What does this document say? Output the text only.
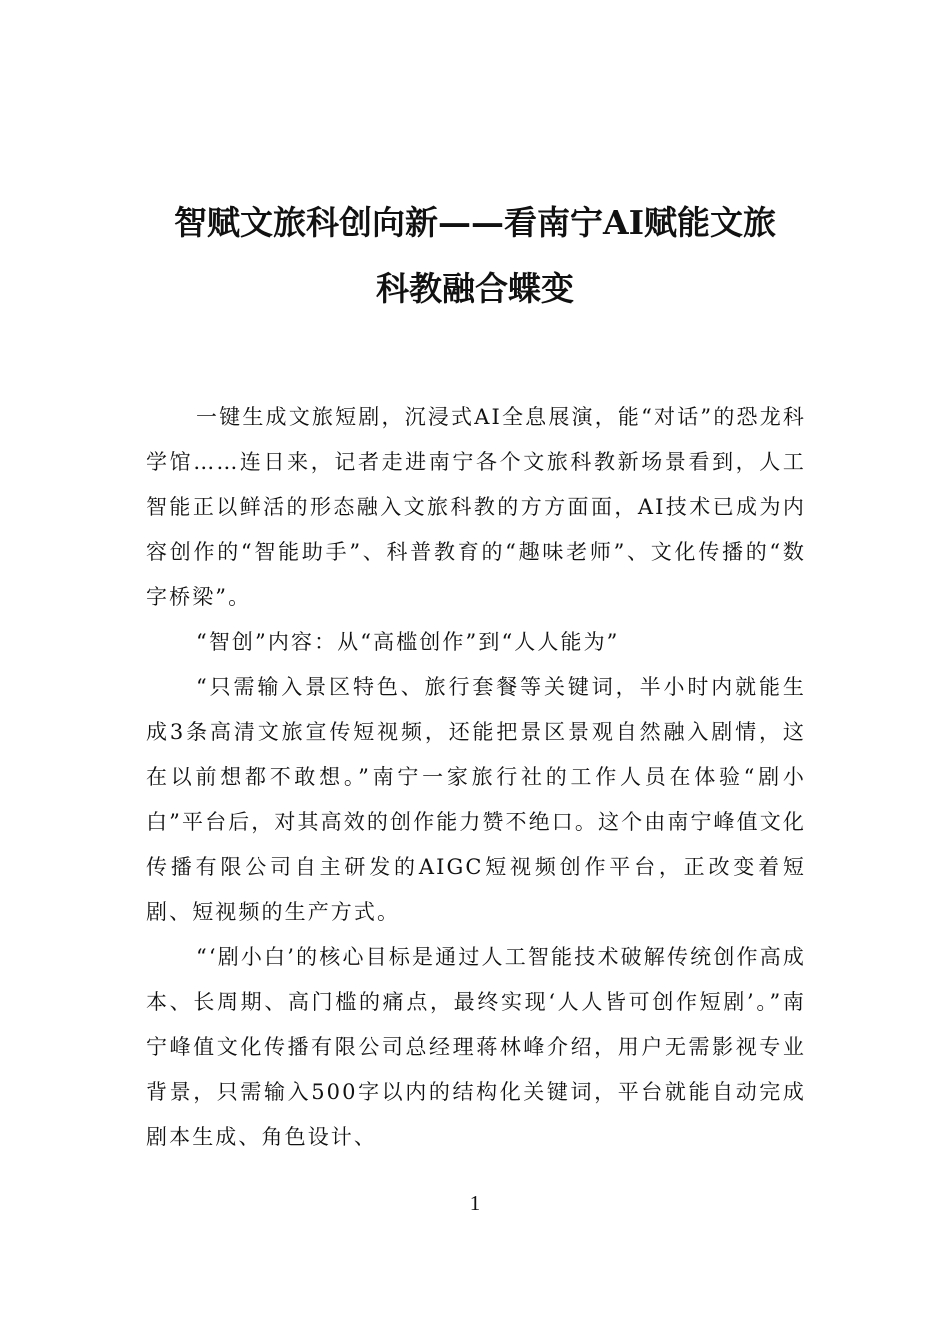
智赋文旅科创向新——看南宁AI赋能文旅
科教融合蝶变

一键生成文旅短剧，沉浸式AI全息展演，能“对话”的恐龙科学馆……连日来，记者走进南宁各个文旅科教新场景看到，人工智能正以鲜活的形态融入文旅科教的方方面面，AI技术已成为内容创作的“智能助手”、科普教育的“趣味老师”、文化传播的“数字桥梁”。

“智创”内容：从“高槛创作”到“人人能为”

“只需输入景区特色、旅行套餐等关键词，半小时内就能生成3条高清文旅宣传短视频，还能把景区景观自然融入剧情，这在以前想都不敢想。”南宁一家旅行社的工作人员在体验“剧小白”平台后，对其高效的创作能力赞不绝口。这个由南宁峰值文化传播有限公司自主研发的AIGC短视频创作平台，正改变着短剧、短视频的生产方式。

“‘剧小白’的核心目标是通过人工智能技术破解传统创作高成本、长周期、高门槛的痛点，最终实现‘人人皆可创作短剧’。”南宁峰值文化传播有限公司总经理蒋林峰介绍，用户无需影视专业背景，只需输入500字以内的结构化关键词，平台就能自动完成剧本生成、角色设计、

1
